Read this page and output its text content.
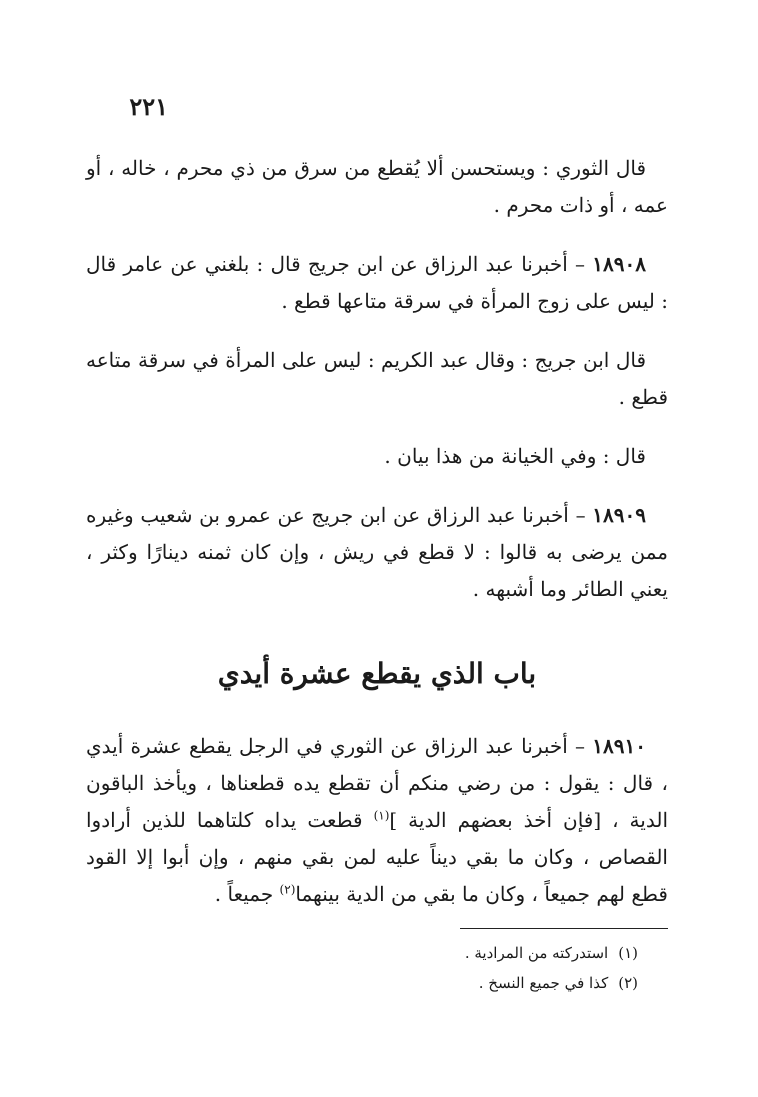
٢٢١

قال الثوري : ويستحسن ألا يُقطع من سرق من ذي محرم ، خاله ، أو عمه ، أو ذات محرم .

١٨٩٠٨ – أخبرنا عبد الرزاق عن ابن جريج قال : بلغني عن عامر قال : ليس على زوج المرأة في سرقة متاعها قطع .

قال ابن جريج : وقال عبد الكريم : ليس على المرأة في سرقة متاعه قطع .

قال : وفي الخيانة من هذا بيان .

١٨٩٠٩ – أخبرنا عبد الرزاق عن ابن جريج عن عمرو بن شعيب وغيره ممن يرضى به قالوا : لا قطع في ريش ، وإن كان ثمنه دينارًا وكثر ، يعني الطائر وما أشبهه .

باب الذي يقطع عشرة أيدي

١٨٩١٠ – أخبرنا عبد الرزاق عن الثوري في الرجل يقطع عشرة أيدي ، قال : يقول : من رضي منكم أن تقطع يده قطعناها ، ويأخذ الباقون الدية ، [فإن أخذ بعضهم الدية ]$^{(١)}$ قطعت يداه كلتاهما للذين أرادوا القصاص ، وكان ما بقي ديناً عليه لمن بقي منهم ، وإن أبوا إلا القود قطع لهم جميعاً ، وكان ما بقي من الدية بينهما$^{(٢)}$ جميعاً .

(١)استدركته من المرادية .
(٢)كذا في جميع النسخ .
